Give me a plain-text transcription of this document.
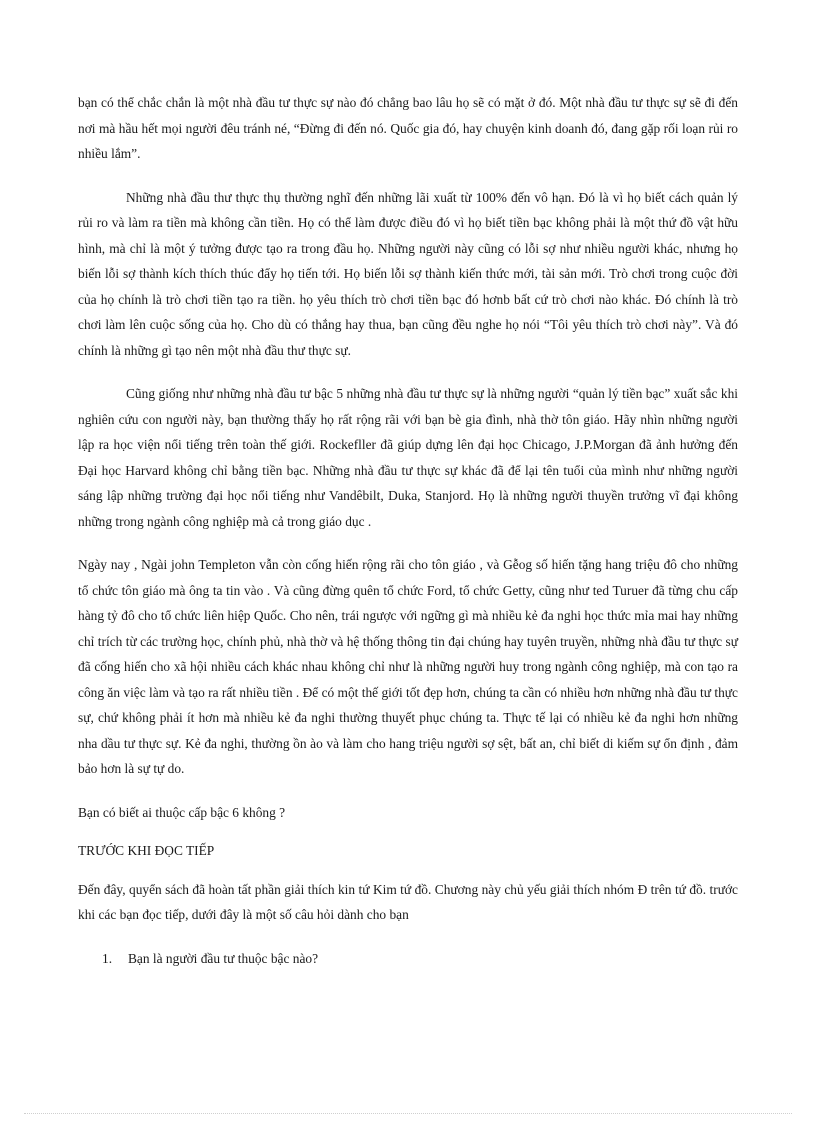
bạn có thể chắc chắn là một nhà đầu tư thực sự nào đó chẳng bao lâu họ sẽ có mặt ở đó. Một nhà đầu tư thực sự sẽ đi đến nơi mà hầu hết mọi người đêu tránh né, “Đừng đi đến nó. Quốc gia đó, hay chuyện kinh doanh đó, đang gặp rối loạn rủi ro nhiều lắm”.

Những nhà đầu thư thực thụ thường nghĩ đến những lãi xuất từ 100% đến vô hạn. Đó là vì họ biết cách quản lý rủi ro và làm ra tiền mà không cần tiền. Họ có thể làm được điều đó vì họ biết tiền bạc không phải là một thứ đồ vật hữu hình, mà chỉ là một ý tưởng được tạo ra trong đầu họ. Những người này cũng có lỗi sợ như nhiều người khác, nhưng họ biến lỗi sợ thành kích thích thúc đẩy họ tiến tới. Họ biến lỗi sợ thành kiến thức mới, tài sản mới. Trò chơi trong cuộc đời của họ chính là trò chơi tiền tạo ra tiền. họ yêu thích trò chơi tiền bạc đó hơnb bất cứ trò chơi nào khác. Đó chính là trò chơi làm lên cuộc sống của họ. Cho dù có thắng hay thua, bạn cũng đều nghe họ nói “Tôi yêu thích trò chơi này”. Và đó chính là những gì tạo nên một nhà đầu thư thực sự.

Cũng giống như những nhà đầu tư bậc 5 những nhà đầu tư thực sự là những người “quản lý tiền bạc” xuất sắc khi nghiên cứu con người này, bạn thường thấy họ rất rộng rãi với bạn bè gia đình, nhà thờ tôn giáo. Hãy nhìn những người lập ra học viện nổi tiếng trên toàn thế giới. Rockefller đã giúp dựng lên đại học Chicago, J.P.Morgan đã ảnh hưởng đến Đại học Harvard không chỉ bằng tiền bạc. Những nhà đầu tư thực sự khác đã để lại tên tuổi của mình như những người sáng lập những trường đại học nổi tiếng như Vandêbilt, Duka, Stanjord. Họ là những người thuyền trưởng vĩ đại không những trong ngành công nghiệp mà cả trong giáo dục .

Ngày nay , Ngài john Templeton vẫn còn cống hiến rộng rãi cho tôn giáo , và Gễog số hiến tặng hang triệu đô cho những tổ chức tôn giáo mà ông ta tin vào . Và cũng đừng quên tổ chức Ford, tổ chức Getty, cũng như ted Turuer đã từng chu cấp hàng tỷ đô cho tổ chức liên hiệp Quốc. Cho nên, trái ngược với ngững gì mà nhiều kẻ đa nghi học thức mỉa mai hay những chỉ trích từ các trường học, chính phủ, nhà thờ và hệ thống thông tin đại chúng hay tuyên truyền, những nhà đầu tư thực sự đã cống hiến cho xã hội nhiều cách khác nhau không chỉ như là những người huy trong ngành công nghiệp, mà con tạo ra công ăn việc làm và tạo ra rất nhiều tiền . Để có một thế giới tốt đẹp hơn, chúng ta cần có nhiều hơn những nhà đầu tư thực sự, chứ không phải ít hơn mà nhiều kẻ đa nghi thường thuyết phục chúng ta. Thực tế lại có nhiều kẻ đa nghi hơn những nha dầu tư thực sự. Kẻ đa nghi, thường ồn ào và làm cho hang triệu người sợ sệt, bất an, chỉ biết di kiếm sự ổn định , đảm bảo hơn là sự tự do.

Bạn có biết ai thuộc cấp bậc 6 không ?

TRƯỚC KHI ĐỌC TIẾP

Đến đây, quyển sách đã hoàn tất phần giải thích kin tứ Kim tứ đồ. Chương này chủ yếu giải thích nhóm Đ trên tứ đồ. trước khi các bạn đọc tiếp, dưới đây là một số câu hỏi dành cho bạn

1.	Bạn là người đầu tư thuộc bậc nào?
